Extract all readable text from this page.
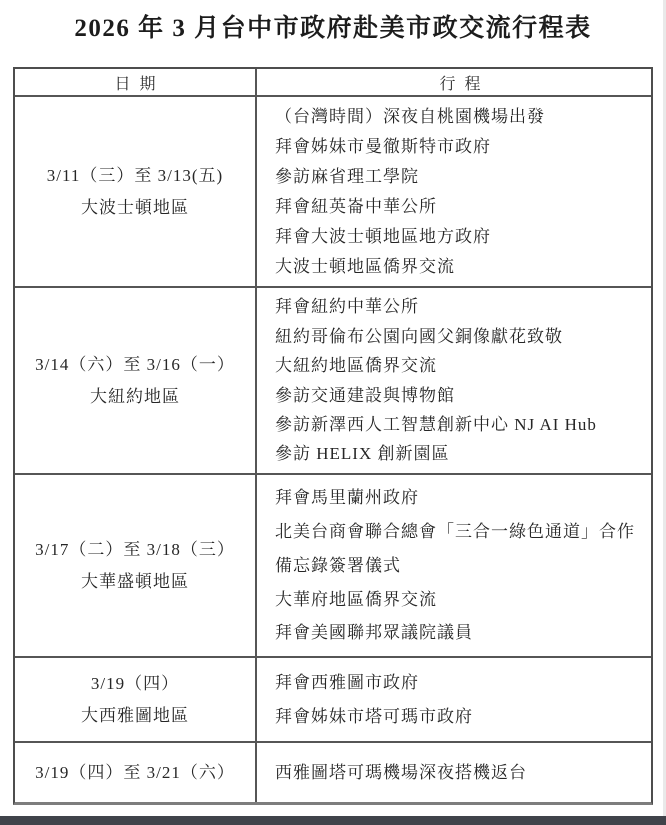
2026 年 3 月台中市政府赴美市政交流行程表
日期	行程
3/11（三）至 3/13(五)
大波士頓地區
（台灣時間）深夜自桃園機場出發
拜會姊妹市曼徹斯特市政府
參訪麻省理工學院
拜會紐英崙中華公所
拜會大波士頓地區地方政府
大波士頓地區僑界交流
3/14（六）至 3/16（一）
大紐約地區
拜會紐約中華公所
紐約哥倫布公園向國父銅像獻花致敬
大紐約地區僑界交流
參訪交通建設與博物館
參訪新澤西人工智慧創新中心 NJ AI Hub
參訪 HELIX 創新園區
3/17（二）至 3/18（三）
大華盛頓地區
拜會馬里蘭州政府
北美台商會聯合總會「三合一綠色通道」合作
備忘錄簽署儀式
大華府地區僑界交流
拜會美國聯邦眾議院議員
3/19（四）
大西雅圖地區
拜會西雅圖市政府
拜會姊妹市塔可瑪市政府
3/19（四）至 3/21（六） 西雅圖塔可瑪機場深夜搭機返台
